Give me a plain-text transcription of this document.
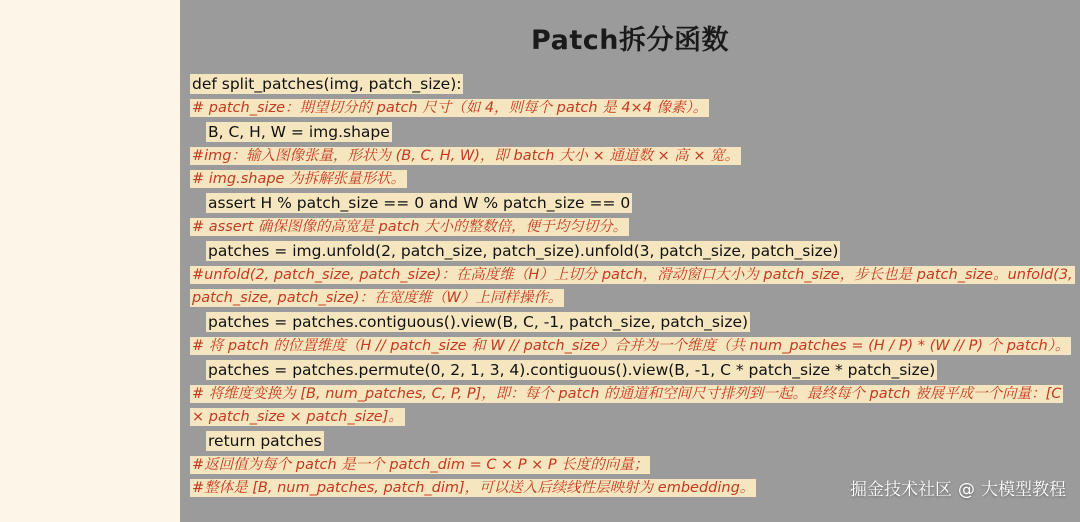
Patch拆分函数
def split_patches(img, patch_size):
# patch_size：期望切分的 patch 尺寸（如 4，则每个 patch 是 4×4 像素）。
B, C, H, W = img.shape
#img：输入图像张量，形状为 (B, C, H, W)，即 batch 大小 × 通道数 × 高 × 宽。
# img.shape 为拆解张量形状。
assert H % patch_size == 0 and W % patch_size == 0
# assert 确保图像的高宽是 patch 大小的整数倍，便于均匀切分。
patches = img.unfold(2, patch_size, patch_size).unfold(3, patch_size, patch_size)
#unfold(2, patch_size, patch_size)：在高度维（H）上切分 patch，滑动窗口大小为 patch_size，步长也是 patch_size。unfold(3, patch_size, patch_size)：在宽度维（W）上同样操作。
patches = patches.contiguous().view(B, C, -1, patch_size, patch_size)
# 将 patch 的位置维度（H // patch_size 和 W // patch_size）合并为一个维度（共 num_patches = (H / P) * (W // P) 个 patch）。
patches = patches.permute(0, 2, 1, 3, 4).contiguous().view(B, -1, C * patch_size * patch_size)
# 将维度变换为 [B, num_patches, C, P, P]，即：每个 patch 的通道和空间尺寸排列到一起。最终每个 patch 被展平成一个向量：[C × patch_size × patch_size]。
return patches
#返回值为每个 patch 是一个 patch_dim = C × P × P 长度的向量；
#整体是 [B, num_patches, patch_dim]，可以送入后续线性层映射为 embedding。	掘金技术社区 @ 大模型教程
